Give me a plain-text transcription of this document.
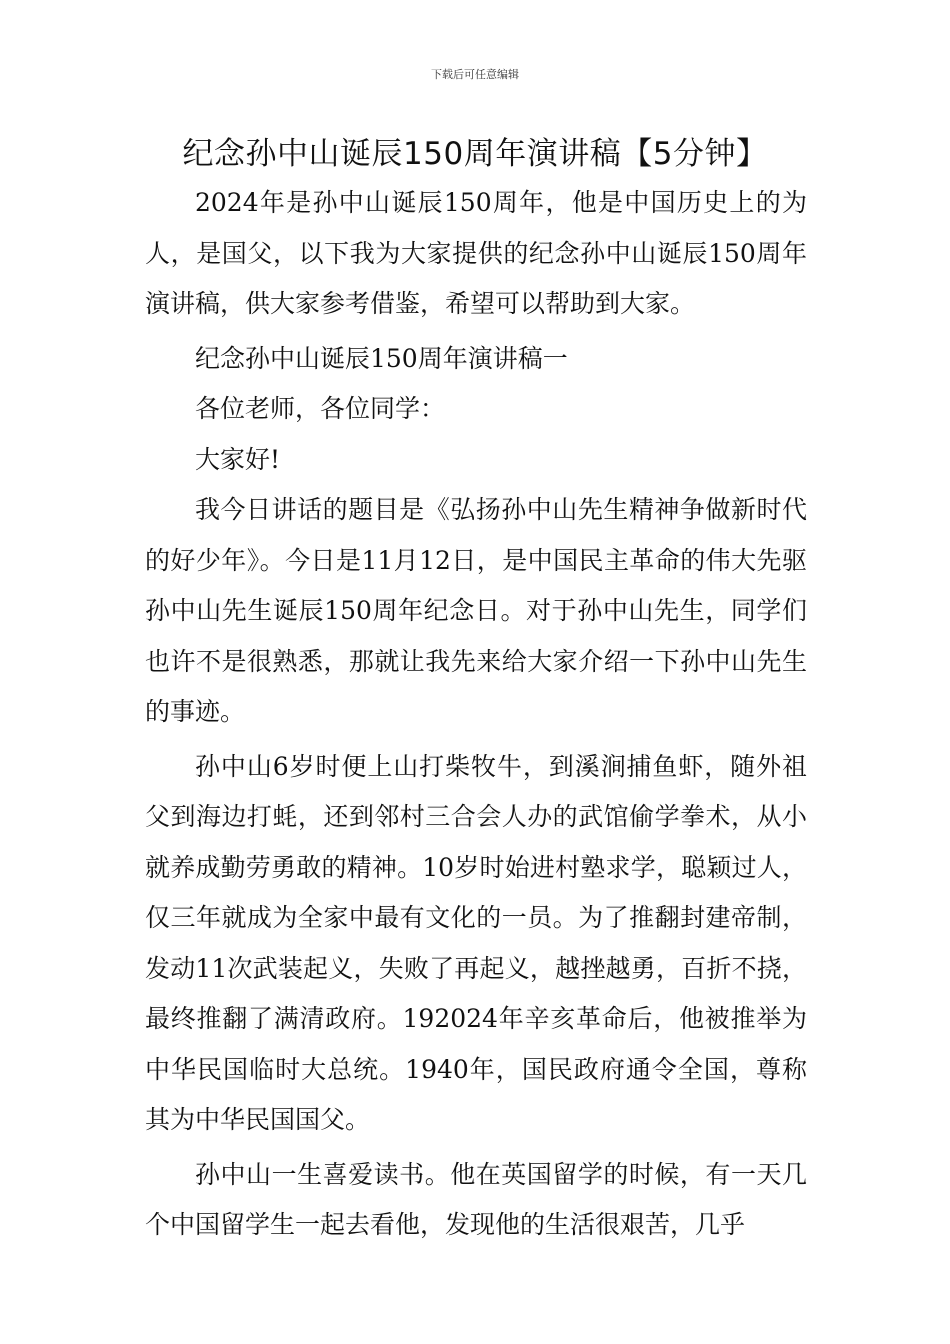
下载后可任意编辑
纪念孙中山诞辰150周年演讲稿【5分钟】

2024年是孙中山诞辰150周年，他是中国历史上的为人，是国父，以下我为大家提供的纪念孙中山诞辰150周年演讲稿，供大家参考借鉴，希望可以帮助到大家。

纪念孙中山诞辰150周年演讲稿一

各位老师，各位同学：

大家好!

我今日讲话的题目是《弘扬孙中山先生精神争做新时代的好少年》。今日是11月12日，是中国民主革命的伟大先驱孙中山先生诞辰150周年纪念日。对于孙中山先生，同学们也许不是很熟悉，那就让我先来给大家介绍一下孙中山先生的事迹。

孙中山6岁时便上山打柴牧牛，到溪涧捕鱼虾，随外祖父到海边打蚝，还到邻村三合会人办的武馆偷学拳术，从小就养成勤劳勇敢的精神。10岁时始进村塾求学，聪颖过人，仅三年就成为全家中最有文化的一员。为了推翻封建帝制，发动11次武装起义，失败了再起义，越挫越勇，百折不挠，最终推翻了满清政府。192024年辛亥革命后，他被推举为中华民国临时大总统。1940年，国民政府通令全国，尊称其为中华民国国父。

孙中山一生喜爱读书。他在英国留学的时候，有一天几个中国留学生一起去看他，发现他的生活很艰苦，几乎
